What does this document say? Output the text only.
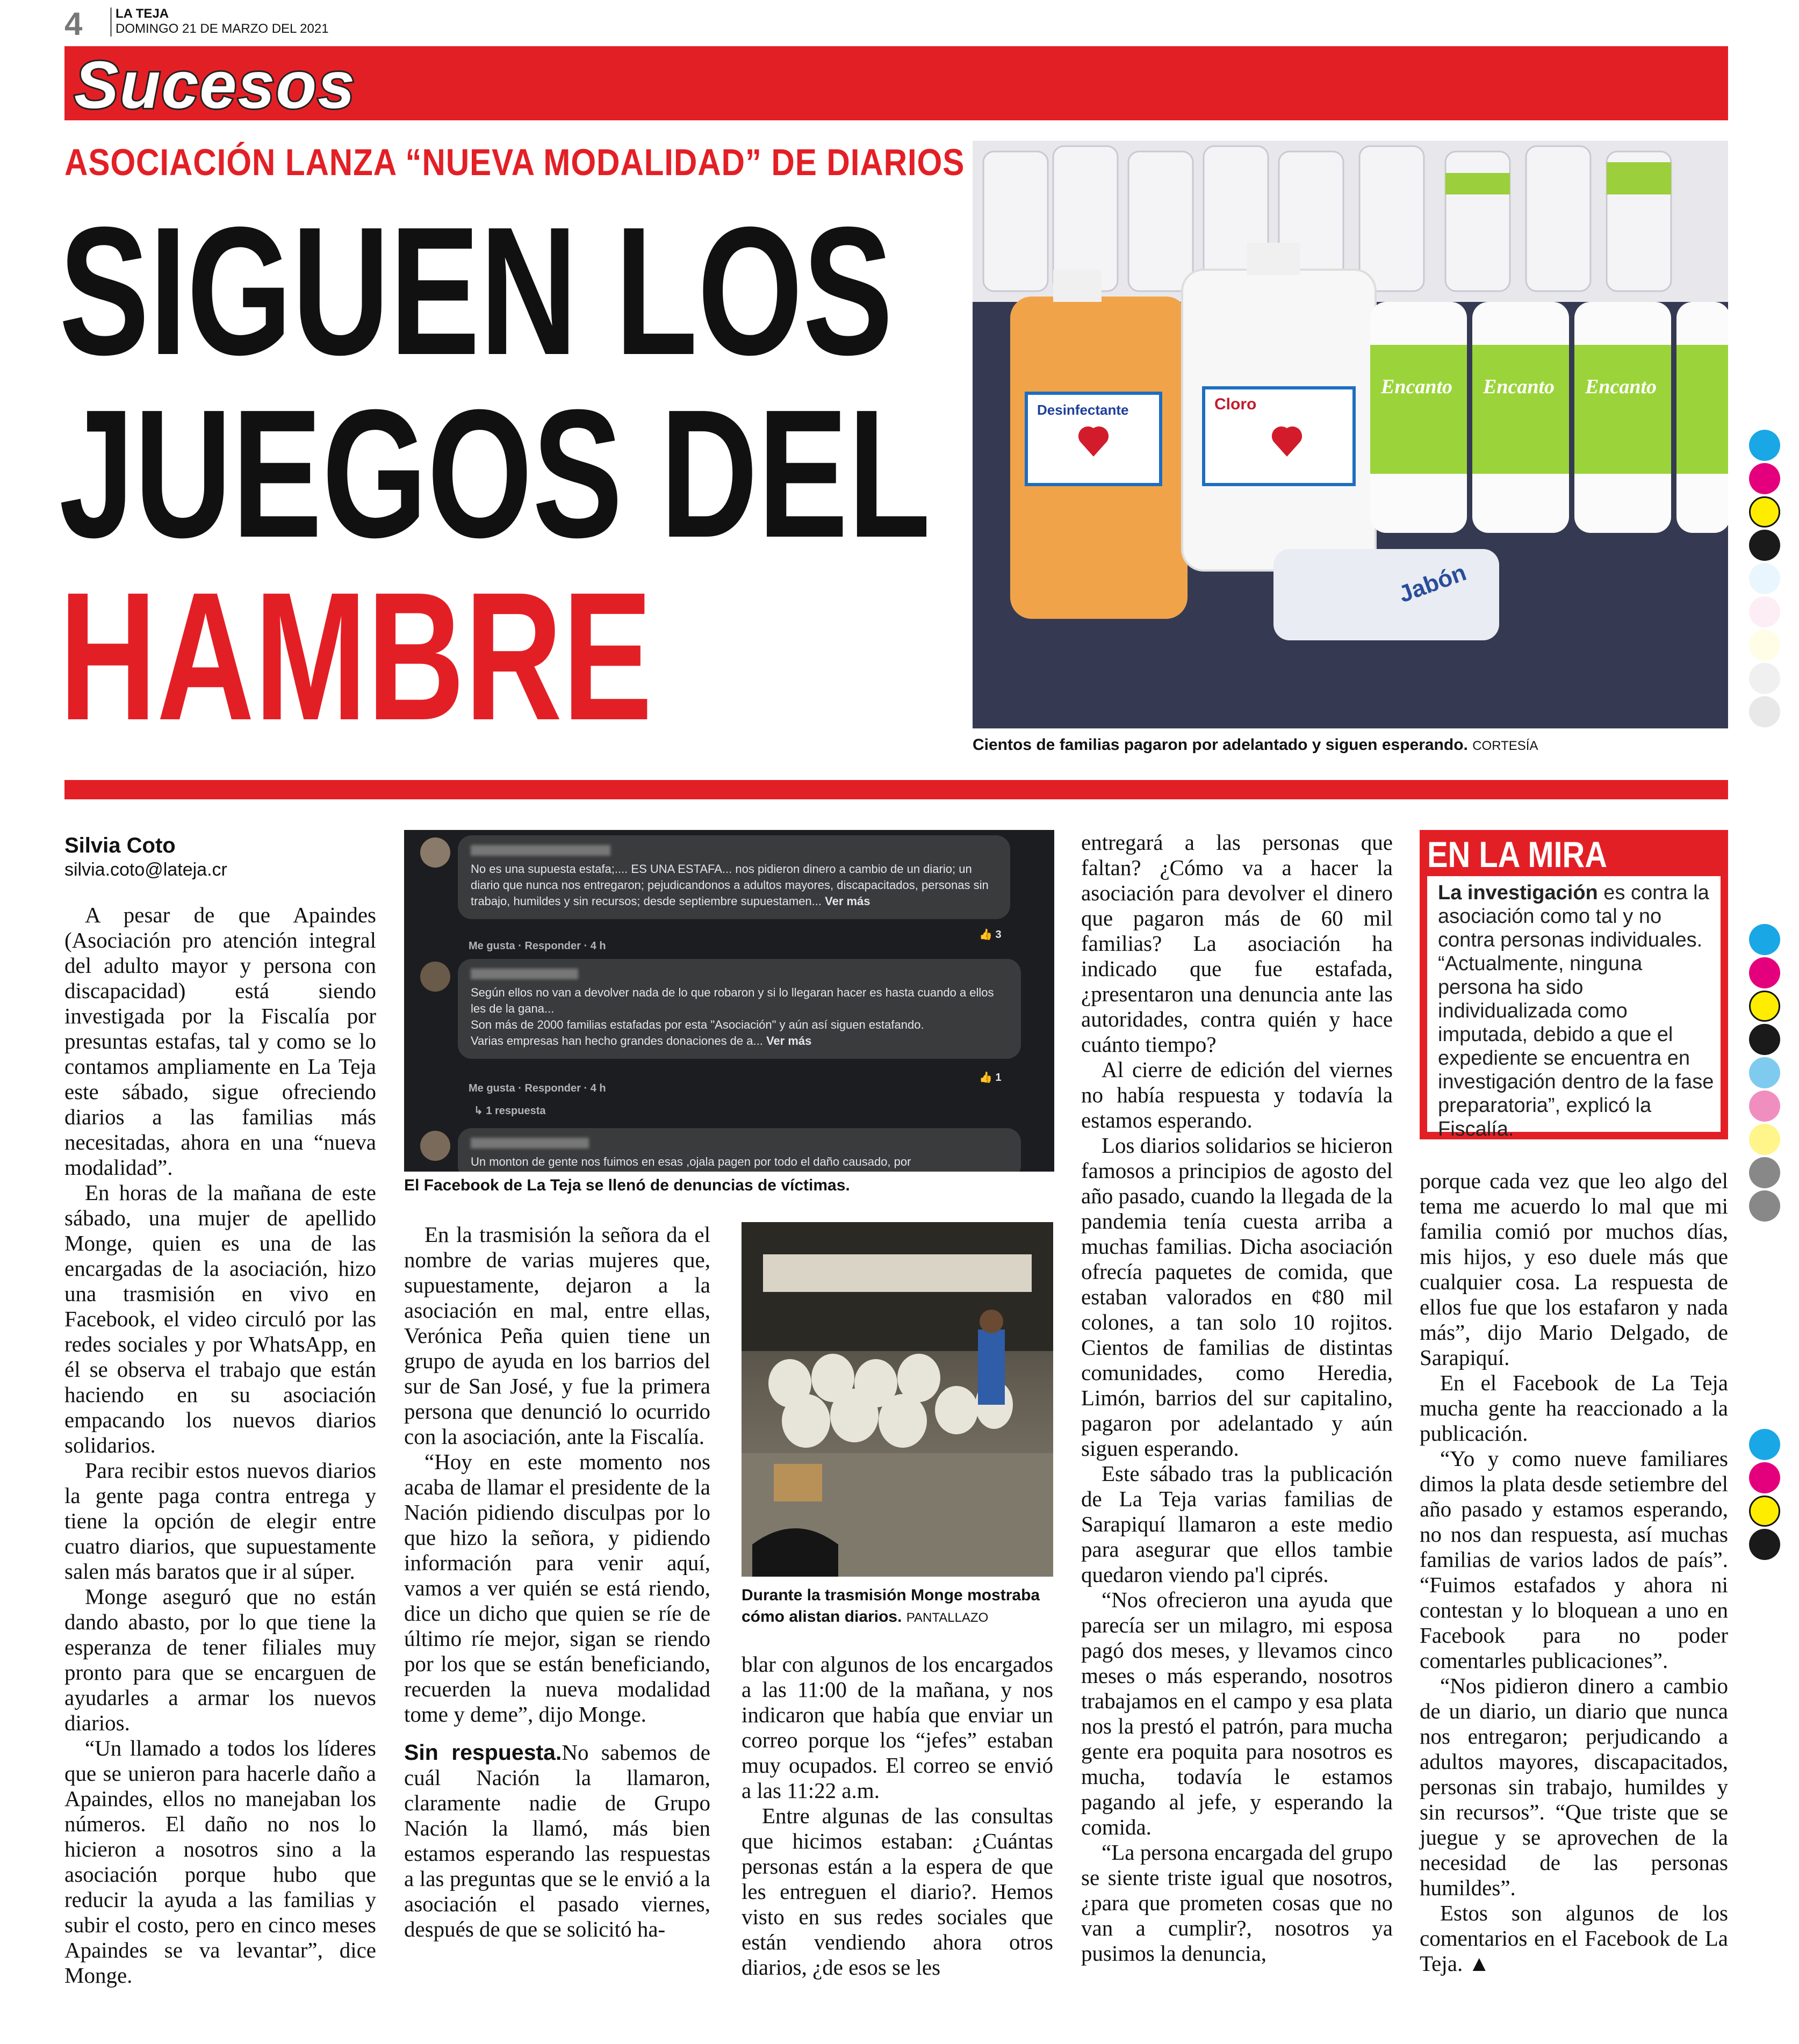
4	LA TEJA
DOMINGO 21 DE MARZO DEL 2021
Sucesos
ASOCIACIÓN LANZA “NUEVA MODALIDAD” DE DIARIOS
SIGUEN LOS
JUEGOS DEL
HAMBRE
Desinfectante	Cloro
Jabón
Encanto Encanto Encanto
Cientos de familias pagaron por adelantado y siguen esperando. CORTESÍA
Silvia Coto
silvia.coto@lateja.cr

A pesar de que Apaindes (Asociación pro atención integral del adulto mayor y persona con discapacidad) está siendo investigada por la Fiscalía por presuntas estafas, tal y como se lo contamos ampliamente en La Teja este sábado, sigue ofreciendo diarios a las familias más necesitadas, ahora en una “nueva modalidad”.

En horas de la mañana de este sábado, una mujer de apellido Monge, quien es una de las encargadas de la asociación, hizo una trasmisión en vivo en Facebook, el video circuló por las redes sociales y por WhatsApp, en él se observa el trabajo que están haciendo en su asociación empacando los nuevos diarios solidarios.

Para recibir estos nuevos diarios la gente paga contra entrega y tiene la opción de elegir entre cuatro diarios, que supuestamente salen más baratos que ir al súper.

Monge aseguró que no están dando abasto, por lo que tiene la esperanza de tener filiales muy pronto para que se encarguen de ayudarles a armar los nuevos diarios.

“Un llamado a todos los líderes que se unieron para hacerle daño a Apaindes, ellos no manejaban los números. El daño no nos lo hicieron a nosotros sino a la asociación porque hubo que reducir la ayuda a las familias y subir el costo, pero en cinco meses Apaindes se va levantar”, dice Monge.

No es una supuesta estafa;.... ES UNA ESTAFA... nos pidieron dinero a cambio de un diario; un diario que nunca nos entregaron; pejudicandonos a adultos mayores, discapacitados, personas sin trabajo, humildes y sin recursos; desde septiembre supuestamen... Ver más
Me gusta · Responder · 4 h
👍 3
Según ellos no van a devolver nada de lo que robaron y si lo llegaran hacer es hasta cuando a ellos les de la gana...
Son más de 2000 familias estafadas por esta "Asociación" y aún así siguen estafando.
Varias empresas han hecho grandes donaciones de a... Ver más
Me gusta · Responder · 4 h
👍 1
↳ 1 respuesta
Un monton de gente nos fuimos en esas ,ojala pagen por todo el daño causado, por
El Facebook de La Teja se llenó de denuncias de víctimas.

En la trasmisión la señora da el nombre de varias mujeres que, supuestamente, dejaron a la asociación en mal, entre ellas, Verónica Peña quien tiene un grupo de ayuda en los barrios del sur de San José, y fue la primera persona que denunció lo ocurrido con la asociación, ante la Fiscalía.

“Hoy en este momento nos acaba de llamar el presidente de la Nación pidiendo disculpas por lo que hizo la señora, y pidiendo información para venir aquí, vamos a ver quién se está riendo, dice un dicho que quien se ríe de último ríe mejor, sigan se riendo por los que se están beneficiando, recuerden la nueva modalidad tome y deme”, dijo Monge.

Sin respuesta.No sabemos de cuál Nación la llamaron, claramente nadie de Grupo Nación la llamó, más bien estamos esperando las respuestas a las preguntas que se le envió a la asociación el pasado viernes, después de que se solicitó ha-

Durante la trasmisión Monge mostraba cómo alistan diarios. PANTALLAZO

blar con algunos de los encargados a las 11:00 de la mañana, y nos indicaron que había que enviar un correo porque los “jefes” estaban muy ocupados. El correo se envió a las 11:22 a.m.

Entre algunas de las consultas que hicimos estaban: ¿Cuántas personas están a la espera de que les entreguen el diario?. Hemos visto en sus redes sociales que están vendiendo ahora otros diarios, ¿de esos se les

entregará a las personas que faltan? ¿Cómo va a hacer la asociación para devolver el dinero que pagaron más de 60 mil familias? La asociación ha indicado que fue estafada, ¿presentaron una denuncia ante las autoridades, contra quién y hace cuánto tiempo?

Al cierre de edición del viernes no había respuesta y todavía la estamos esperando.

Los diarios solidarios se hicieron famosos a principios de agosto del año pasado, cuando la llegada de la pandemia tenía cuesta arriba a muchas familias. Dicha asociación ofrecía paquetes de comida, que estaban valorados en ¢80 mil colones, a tan solo 10 rojitos. Cientos de familias de distintas comunidades, como Heredia, Limón, barrios del sur capitalino, pagaron por adelantado y aún siguen esperando.

Este sábado tras la publicación de La Teja varias familias de Sarapiquí llamaron a este medio para asegurar que ellos tambie quedaron viendo pa'l ciprés.

“Nos ofrecieron una ayuda que parecía ser un milagro, mi esposa pagó dos meses, y llevamos cinco meses o más esperando, nosotros trabajamos en el campo y esa plata nos la prestó el patrón, para mucha gente era poquita para nosotros es mucha, todavía le estamos pagando al jefe, y esperando la comida.

“La persona encargada del grupo se siente triste igual que nosotros, ¿para que prometen cosas que no van a cumplir?, nosotros ya pusimos la denuncia,

EN LA MIRA
La investigación es contra la asociación como tal y no contra personas individuales.
“Actualmente, ninguna persona ha sido individualizada como imputada, debido a que el expediente se encuentra en investigación dentro de la fase preparatoria”, explicó la Fiscalía.

porque cada vez que leo algo del tema me acuerdo lo mal que mi familia comió por muchos días, mis hijos, y eso duele más que cualquier cosa. La respuesta de ellos fue que los estafaron y nada más”, dijo Mario Delgado, de Sarapiquí.

En el Facebook de La Teja mucha gente ha reaccionado a la publicación.

“Yo y como nueve familiares dimos la plata desde setiembre del año pasado y estamos esperando, no nos dan respuesta, así muchas familias de varios lados de país”. “Fuimos estafados y ahora ni contestan y lo bloquean a uno en Facebook para no poder comentarles publicaciones”.

“Nos pidieron dinero a cambio de un diario, un diario que nunca nos entregaron; perjudicando a adultos mayores, discapacitados, personas sin trabajo, humildes y sin recursos”. “Que triste que se juegue y se aprovechen de la necesidad de las personas humildes”.

Estos son algunos de los comentarios en el Facebook de La Teja. ▲
